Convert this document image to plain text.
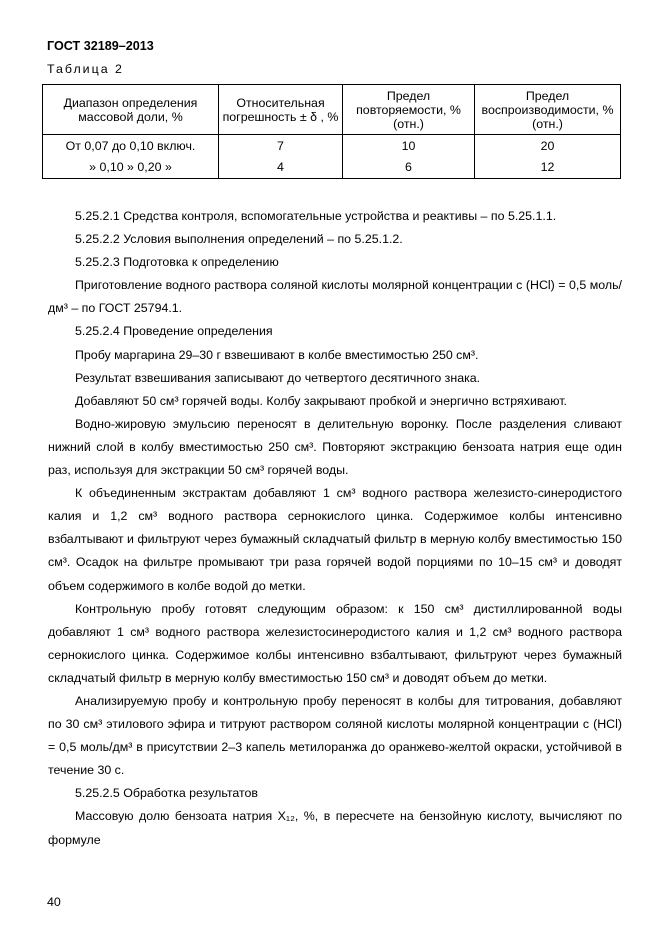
ГОСТ 32189–2013
Таблица 2
Диапазон определения массовой доли, %	Относительная погрешность ± δ , %	Предел повторяемости, % (отн.)	Предел воспроизводимости, % (отн.)
От 0,07 до 0,10 включ.	7	10	20
» 0,10 » 0,20 »	4	6	12

5.25.2.1 Средства контроля, вспомогательные устройства и реактивы – по 5.25.1.1.

5.25.2.2 Условия выполнения определений – по 5.25.1.2.

5.25.2.3 Подготовка к определению

Приготовление водного раствора соляной кислоты молярной концентрации c (HCl) = 0,5 моль/дм³ – по ГОСТ 25794.1.

5.25.2.4 Проведение определения

Пробу маргарина 29–30 г взвешивают в колбе вместимостью 250 см³.

Результат взвешивания записывают до четвертого десятичного знака.

Добавляют 50 см³ горячей воды. Колбу закрывают пробкой и энергично встряхивают.

Водно-жировую эмульсию переносят в делительную воронку. После разделения сливают нижний слой в колбу вместимостью 250 см³. Повторяют экстракцию бензоата натрия еще один раз, используя для экстракции 50 см³ горячей воды.

К объединенным экстрактам добавляют 1 см³ водного раствора железисто-синеродистого калия и 1,2 см³ водного раствора сернокислого цинка. Содержимое колбы интенсивно взбалтывают и фильтруют через бумажный складчатый фильтр в мерную колбу вместимостью 150 см³. Осадок на фильтре промывают три раза горячей водой порциями по 10–15 см³ и доводят объем содержимого в колбе водой до метки.

Контрольную пробу готовят следующим образом: к 150 см³ дистиллированной воды добавляют 1 см³ водного раствора железистосинеродистого калия и 1,2 см³ водного раствора сернокислого цинка. Содержимое колбы интенсивно взбалтывают, фильтруют через бумажный складчатый фильтр в мерную колбу вместимостью 150 см³ и доводят объем до метки.

Анализируемую пробу и контрольную пробу переносят в колбы для титрования, добавляют по 30 см³ этилового эфира и титруют раствором соляной кислоты молярной концентрации c (HCl) = 0,5 моль/дм³ в присутствии 2–3 капель метилоранжа до оранжево-желтой окраски, устойчивой в течение 30 с.

5.25.2.5 Обработка результатов

Массовую долю бензоата натрия X₁₂, %, в пересчете на бензойную кислоту, вычисляют по формуле

40
